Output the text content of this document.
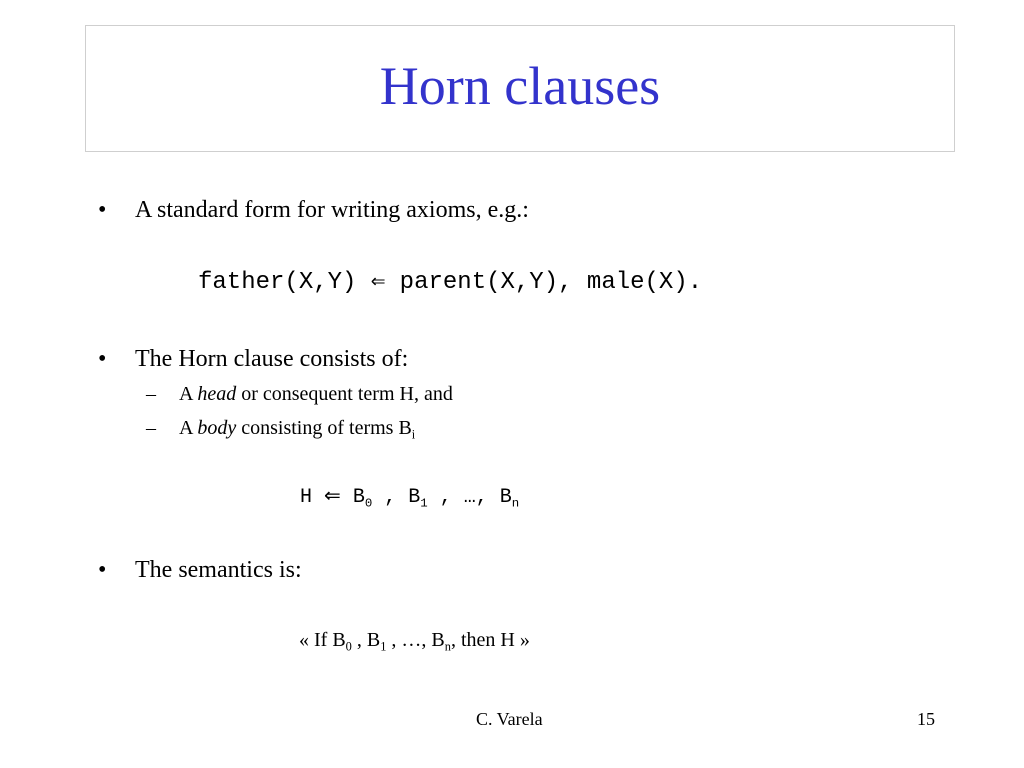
Horn clauses
• A standard form for writing axioms, e.g.:
father(X,Y) ⇐ parent(X,Y), male(X).
• The Horn clause consists of:
– A head or consequent term H, and
– A body consisting of terms $B_i$
H ⇐ $B_0$ , $B_1$ , …, $B_n$
• The semantics is:
« If $B_0$ , $B_1$ , …, $B_n$, then H »
C. Varela	15
